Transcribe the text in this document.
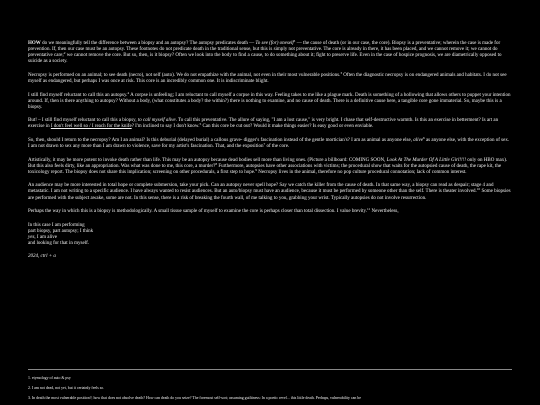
HOW do we meaningfully tell the difference between a biopsy and an autopsy? The autopsy predicates death — To see (for) oneself$^1$ — the cause of death (or in our case, the core). Biopsy is a preventative; wherein the case is made for prevention. If, then our case must be an autopsy. These footnotes do not predicate death in the traditional sense, but this is simply not preventative. The core is already in there, it has been placed, and we cannot remove it; we cannot do preventative care;$^2$ we cannot remove the core. But so, then, is it biopsy? Often we look into the body to find a cause, to do something about it; fight to preserve life. Even in the case of hospice prognosis, we are diametrically opposed to suicide as a society.

Necropsy is performed on an animal; to see death (necro), not self (auto). We do not empathize with the animal, not even in their most vulnerable positions.$^3$ Often the diagnostic necropsy is on endangered animals and habitats. I do not see myself as endangered, but perhaps I was once at risk. This core is an incredibly common one. It is indiscriminate blight.

I still find myself reluctant to call this an autopsy.$^4$ A corpse is unfeeling; I am reluctant to call myself a corpse in this way. Feeling takes to me like a plague mark. Death is something of a hollowing that allows others to puppet your intention around. If, then is there anything to autopsy? Without a body, (what constitutes a body? the within?) there is nothing to examine, and no cause of death. There is a definitive cause here, a tangible core gone immaterial. So, maybe this is a biopsy.

But! – I still find myself reluctant to call this a biopsy, to call myself alive. To call this preventative. The allure of saying, "I am a lost cause," is very bright. I chase that self-destructive warmth. Is this an exercise in betterment? Is art an exercise in I don't feel well so / I reach for the knife? I'm inclined to say I don't know.$^5$ Can this core be cut out? Would it make things easier? Is easy good or even enviable.

So, then, should I return to the necropsy? Am I an animal? Is this deburial (delayed burial) a callous grave- digger's fascination instead of the gentle mortician's? I am as animal as anyone else, alive$^6$ as anyone else, with the exception of sex. I am not drawn to sex any more than I am drawn to violence, save for my artist's fascination. That, and the exposition$^7$ of the core.

Artistically, it may be more potent to invoke death rather than life. This may be an autopsy because dead bodies sell more than living ones. (Picture a billboard: COMING SOON, Look At The Murder Of A Little Girl!!!! only on HBO max). But this also feels dirty, like an appropriation. Was what was done to me, this core, a murder?$^8$ Furthermore, autopsies have other associations with victims; the procedural show that waits for the autopsied cause of death, the rape kit, the toxicology report. The biopsy does not share this implication; screening on other procedurals, a first step to hope.$^9$ Necropsy lives in the animal, therefore no pop culture procedural connotation; lack of common interest.

An audience may be more interested in total hope or complete submersion, take your pick. Can an autopsy never spell hope? Say we catch the killer from the cause of death. In that same way, a biopsy can read as despair; stage 4 and metastatic. I am not writing to a specific audience. I have always wanted to resist audiences. But an auto/biopsy must have an audience, because it must be performed by someone other than the self. There is theater involved.$^{10}$ Some biopsies are performed with the subject awake, some are not. In this sense, there is a risk of breaking the fourth wall, of me talking to you, grabbing your wrist. Typically autopsies do not involve resurrection.

Perhaps the way in which this is a biopsy is methodologically. A small tissue sample of myself to examine the core is perhaps closer than total dissection. I value brevity.$^{11}$ Nevertheless,

In this case I am performing
part biopsy, part autopsy; I think
yes, I am alive
and looking for that in myself.

2024, ctrl + a

1. etymology of auto & psy
2. I am not dead, not yet, but it certainly feels so.
3. In death the most vulnerable position?; how that does not absolve death? How can death do you seize? The foremost self-sort; assuming guiltiness: In a poetic revel... this little death. Perhaps, vulnerability can be
